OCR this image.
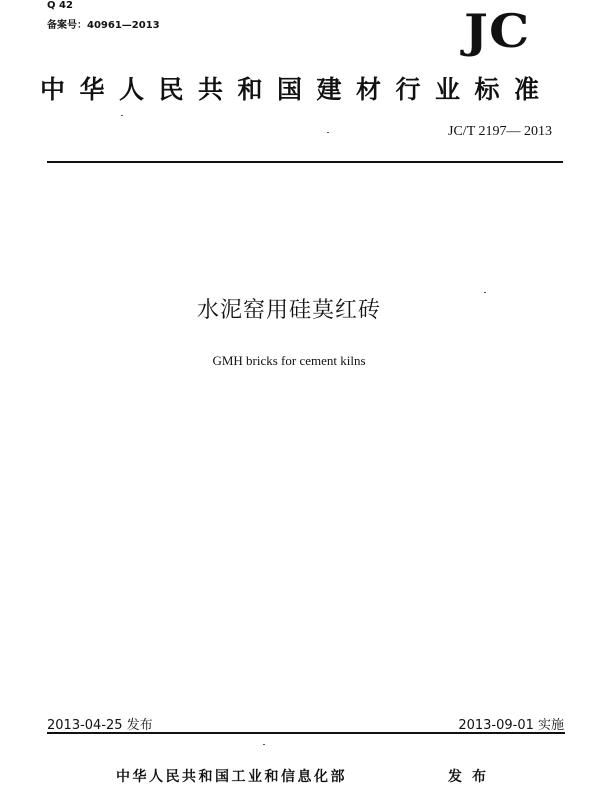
Q 42
备案号：40961—2013	JC
中华人民共和国建材行业标准
JC/T 2197— 2013
水泥窑用硅莫红砖
GMH bricks for cement kilns
2013-04-25 发布	2013-09-01 实施
中华人民共和国工业和信息化部	发布
